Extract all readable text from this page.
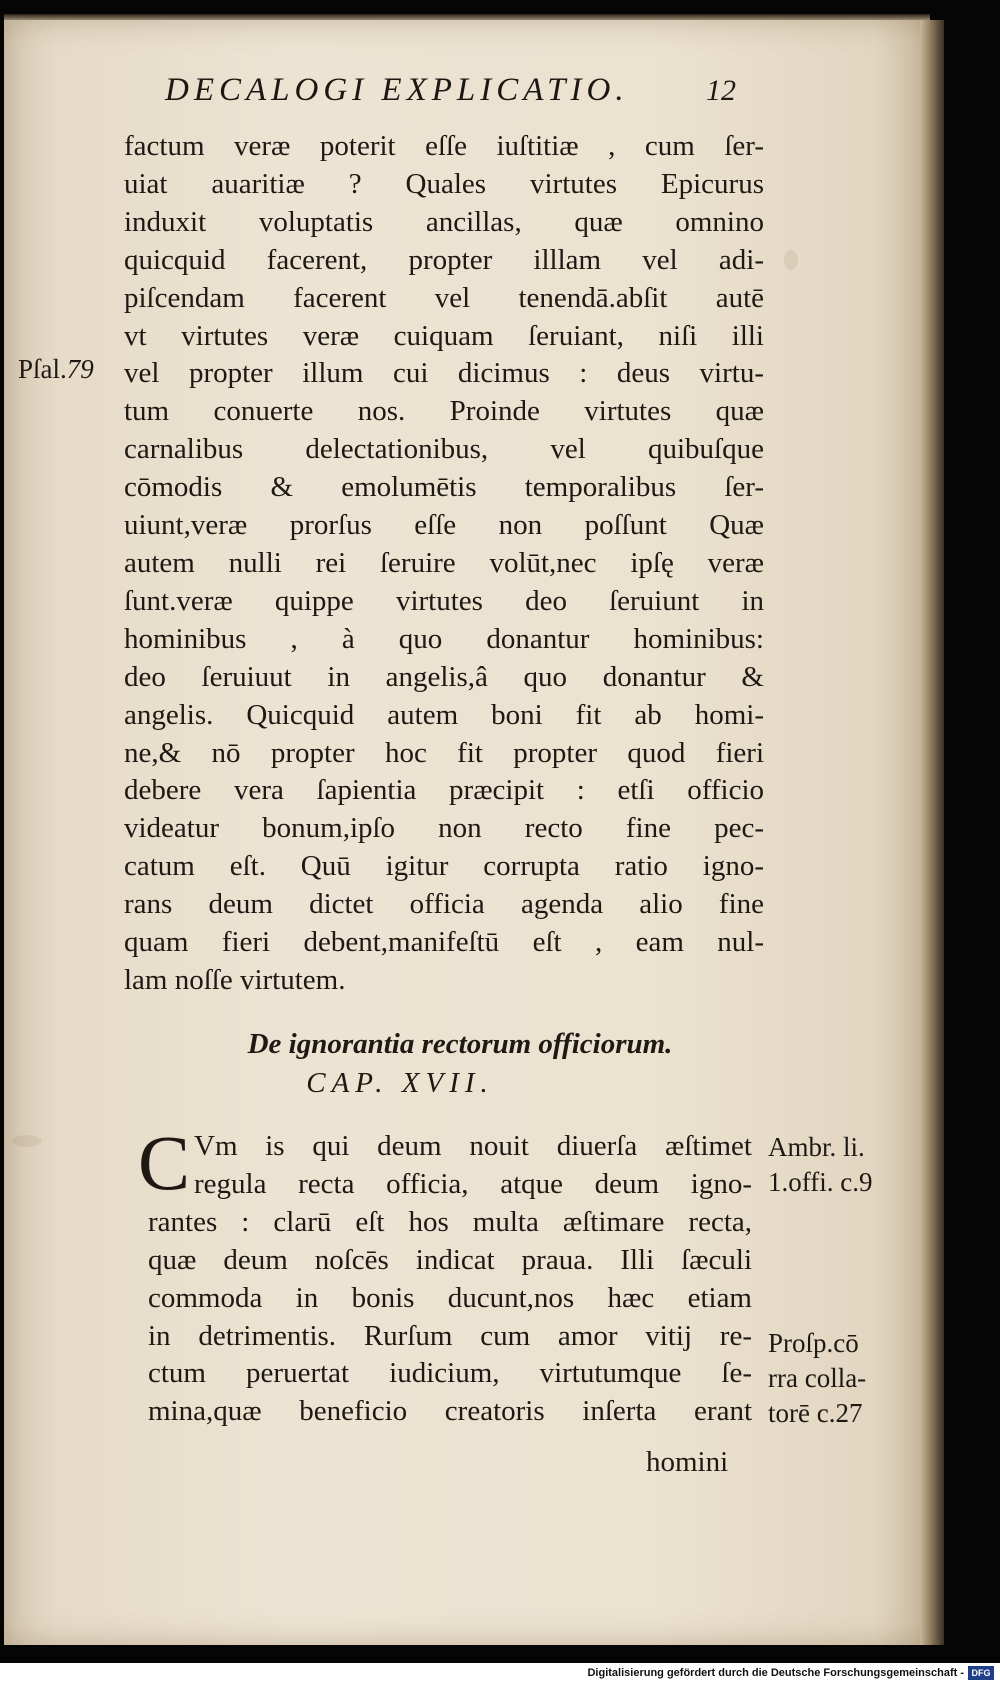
DECALOGI EXPLICATIO.	12
Pſal.79
factum veræ poterit eſſe iuſtitiæ , cum ſer-
uiat auaritiæ ? Quales virtutes Epicurus
induxit voluptatis ancillas, quæ omnino
quicquid facerent, propter illlam vel adi-
piſcendam facerent vel tenendā.abſit autē
vt virtutes veræ cuiquam ſeruiant, niſi illi
vel propter illum cui dicimus : deus virtu-
tum conuerte nos. Proinde virtutes quæ
carnalibus delectationibus, vel quibuſque
cōmodis & emolumētis temporalibus ſer-
uiunt,veræ prorſus eſſe non poſſunt Quæ
autem nulli rei ſeruire volūt,nec ipſę veræ
ſunt.veræ quippe virtutes deo ſeruiunt in
hominibus , à quo donantur hominibus:
deo ſeruiuut in angelis,â quo donantur &
angelis. Quicquid autem boni fit ab homi-
ne,& nō propter hoc fit propter quod fieri
debere vera ſapientia præcipit : etſi officio
videatur bonum,ipſo non recto fine pec-
catum eſt. Quū igitur corrupta ratio igno-
rans deum dictet officia agenda alio fine
quam fieri debent,manifeſtū eſt , eam nul-
lam noſſe virtutem.
De ignorantia rectorum officiorum.
CAP. XVII.
C Vm is qui deum nouit diuerſa æſtimet
regula recta officia, atque deum igno-
rantes : clarū eſt hos multa æſtimare recta,
quæ deum noſcēs indicat praua. Illi ſæculi
commoda in bonis ducunt,nos hæc etiam
in detrimentis. Rurſum cum amor vitij re-
ctum peruertat iudicium, virtutumque ſe-
mina,quæ beneficio creatoris inſerta erant
homini
Ambr. li.
1.offi. c.9
Proſp.cō
rra colla-
torē c.27
Digitalisierung gefördert durch die Deutsche Forschungsgemeinschaft - DFG
